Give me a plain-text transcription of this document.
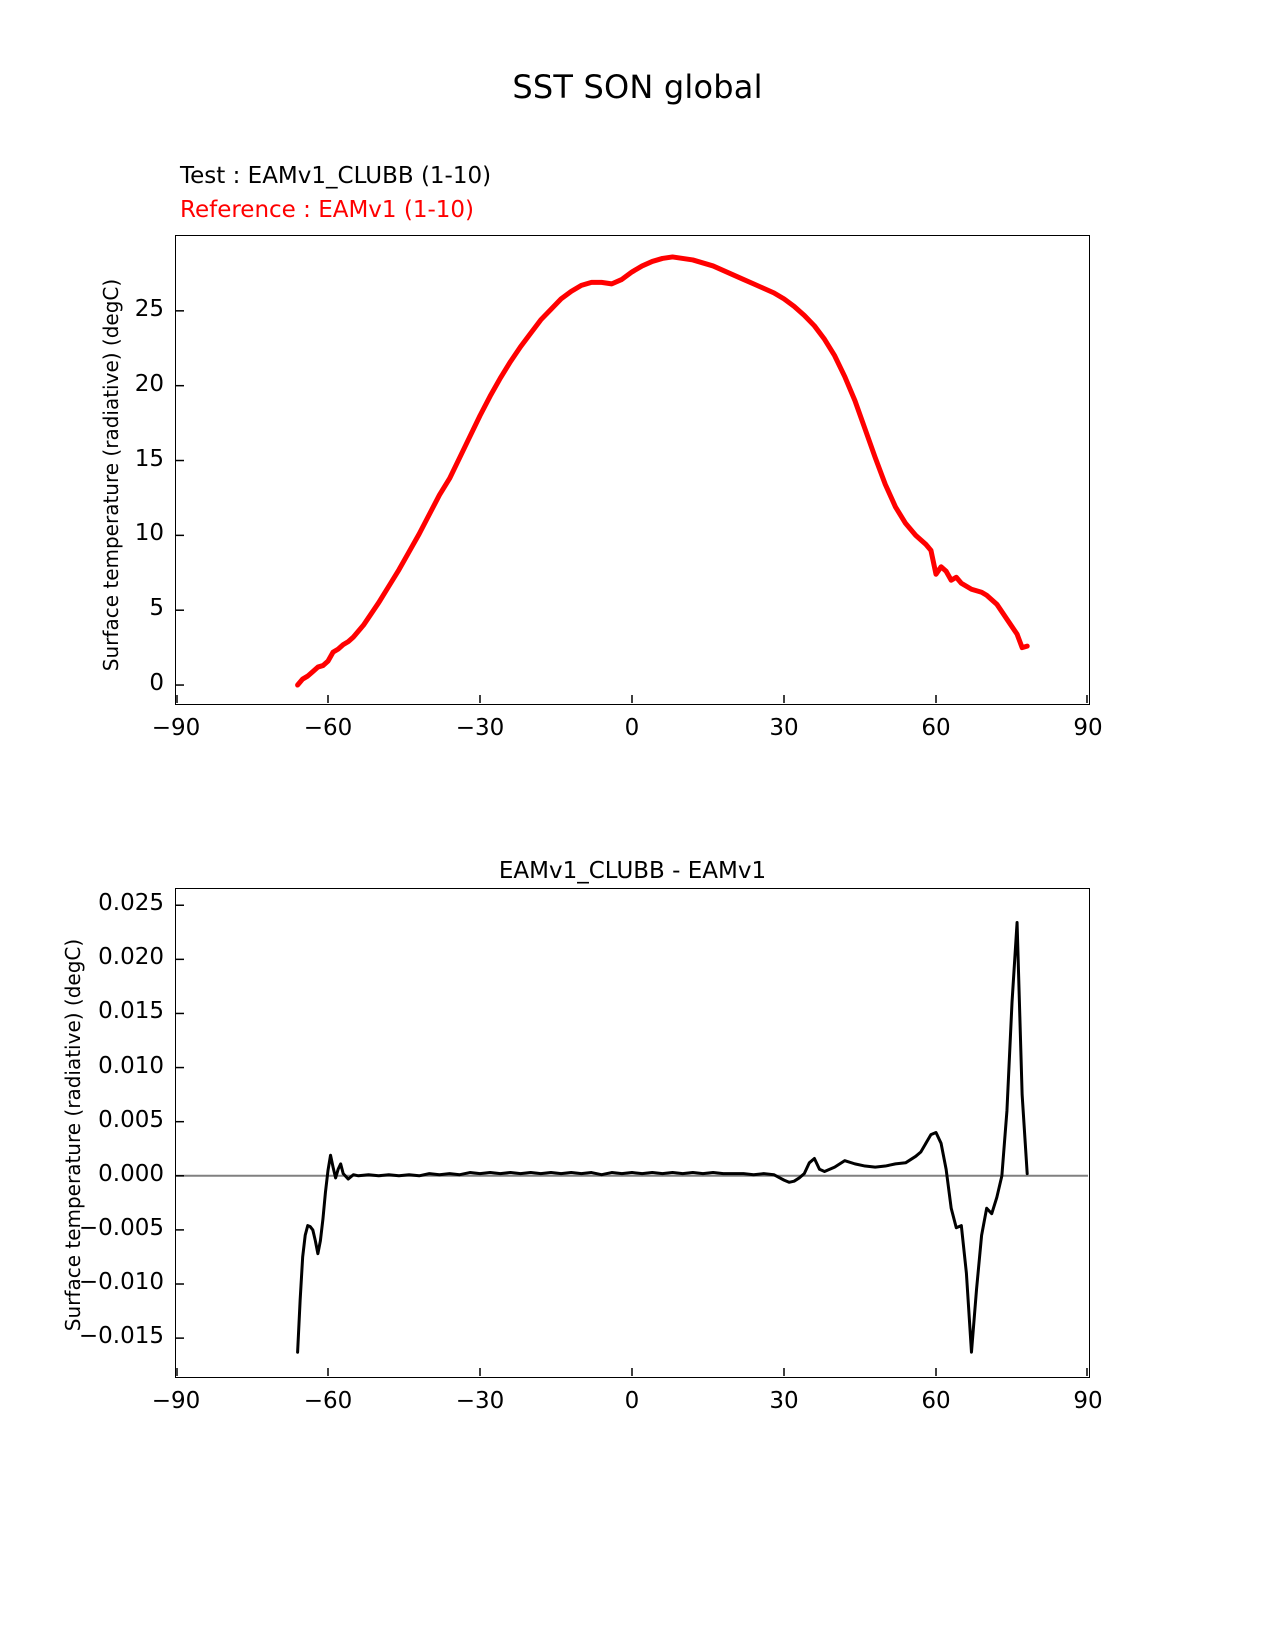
SST SON global
Test : EAMv1_CLUBB (1-10)
Reference : EAMv1 (1-10)
Surface temperature (radiative) (degC)
EAMv1_CLUBB - EAMv1
Surface temperature (radiative) (degC)
−90	−60	−30	0	30	60	90
0
5
10
15
20
25
−90	−60	−30	0	30	60	90
−0.015
−0.010
−0.005
0.000
0.005
0.010
0.015
0.020
0.025
